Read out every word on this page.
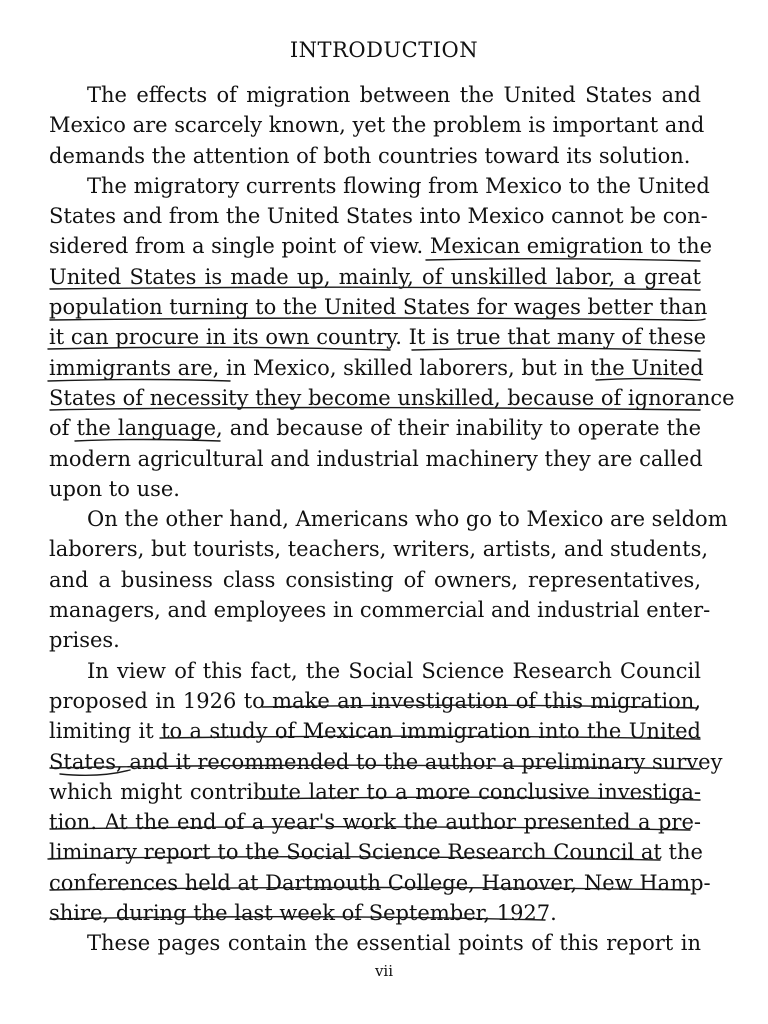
INTRODUCTION
The effects of migration between the United States and
Mexico are scarcely known, yet the problem is important and
demands the attention of both countries toward its solution.
The migratory currents flowing from Mexico to the United
States and from the United States into Mexico cannot be con-
sidered from a single point of view. Mexican emigration to the
United States is made up, mainly, of unskilled labor, a great
population turning to the United States for wages better than
it can procure in its own country. It is true that many of these
immigrants are, in Mexico, skilled laborers, but in the United
States of necessity they become unskilled, because of ignorance
of the language, and because of their inability to operate the
modern agricultural and industrial machinery they are called
upon to use.
On the other hand, Americans who go to Mexico are seldom
laborers, but tourists, teachers, writers, artists, and students,
and a business class consisting of owners, representatives,
managers, and employees in commercial and industrial enter-
prises.
In view of this fact, the Social Science Research Council
proposed in 1926 to make an investigation of this migration,
limiting it to a study of Mexican immigration into the United
States, and it recommended to the author a preliminary survey
which might contribute later to a more conclusive investiga-
tion. At the end of a year's work the author presented a pre-
liminary report to the Social Science Research Council at the
conferences held at Dartmouth College, Hanover, New Hamp-
shire, during the last week of September, 1927.
These pages contain the essential points of this report in
vii
